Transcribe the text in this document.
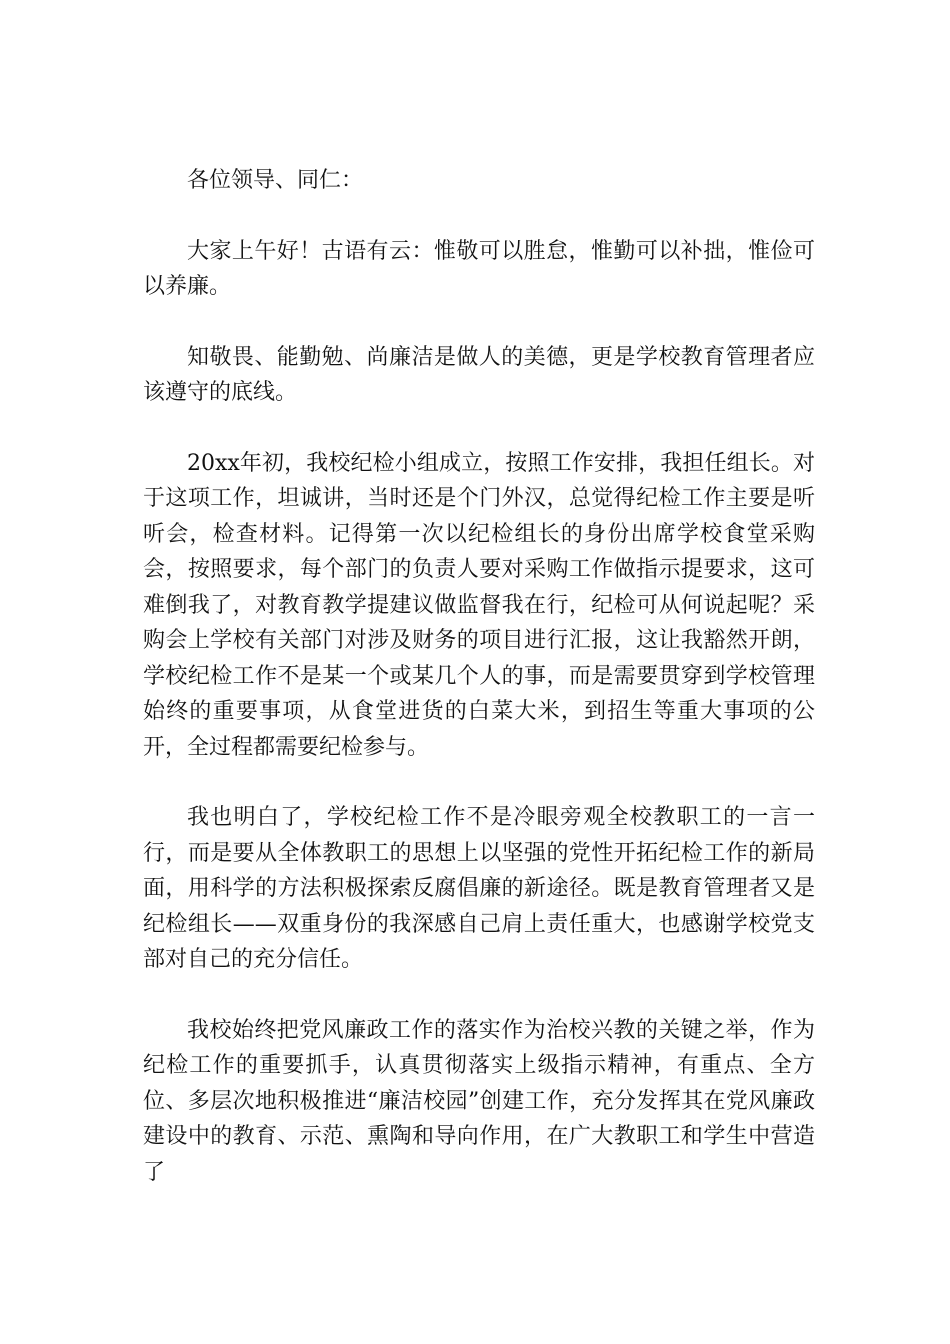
各位领导、同仁：

大家上午好！古语有云：惟敬可以胜怠，惟勤可以补拙，惟俭可以养廉。

知敬畏、能勤勉、尚廉洁是做人的美德，更是学校教育管理者应该遵守的底线。

20xx年初，我校纪检小组成立，按照工作安排，我担任组长。对于这项工作，坦诚讲，当时还是个门外汉，总觉得纪检工作主要是听听会，检查材料。记得第一次以纪检组长的身份出席学校食堂采购会，按照要求，每个部门的负责人要对采购工作做指示提要求，这可难倒我了，对教育教学提建议做监督我在行，纪检可从何说起呢？采购会上学校有关部门对涉及财务的项目进行汇报，这让我豁然开朗，学校纪检工作不是某一个或某几个人的事，而是需要贯穿到学校管理始终的重要事项，从食堂进货的白菜大米，到招生等重大事项的公开，全过程都需要纪检参与。

我也明白了，学校纪检工作不是冷眼旁观全校教职工的一言一行，而是要从全体教职工的思想上以坚强的党性开拓纪检工作的新局面，用科学的方法积极探索反腐倡廉的新途径。既是教育管理者又是纪检组长——双重身份的我深感自己肩上责任重大，也感谢学校党支部对自己的充分信任。

我校始终把党风廉政工作的落实作为治校兴教的关键之举，作为纪检工作的重要抓手，认真贯彻落实上级指示精神，有重点、全方位、多层次地积极推进“廉洁校园”创建工作，充分发挥其在党风廉政建设中的教育、示范、熏陶和导向作用，在广大教职工和学生中营造了
